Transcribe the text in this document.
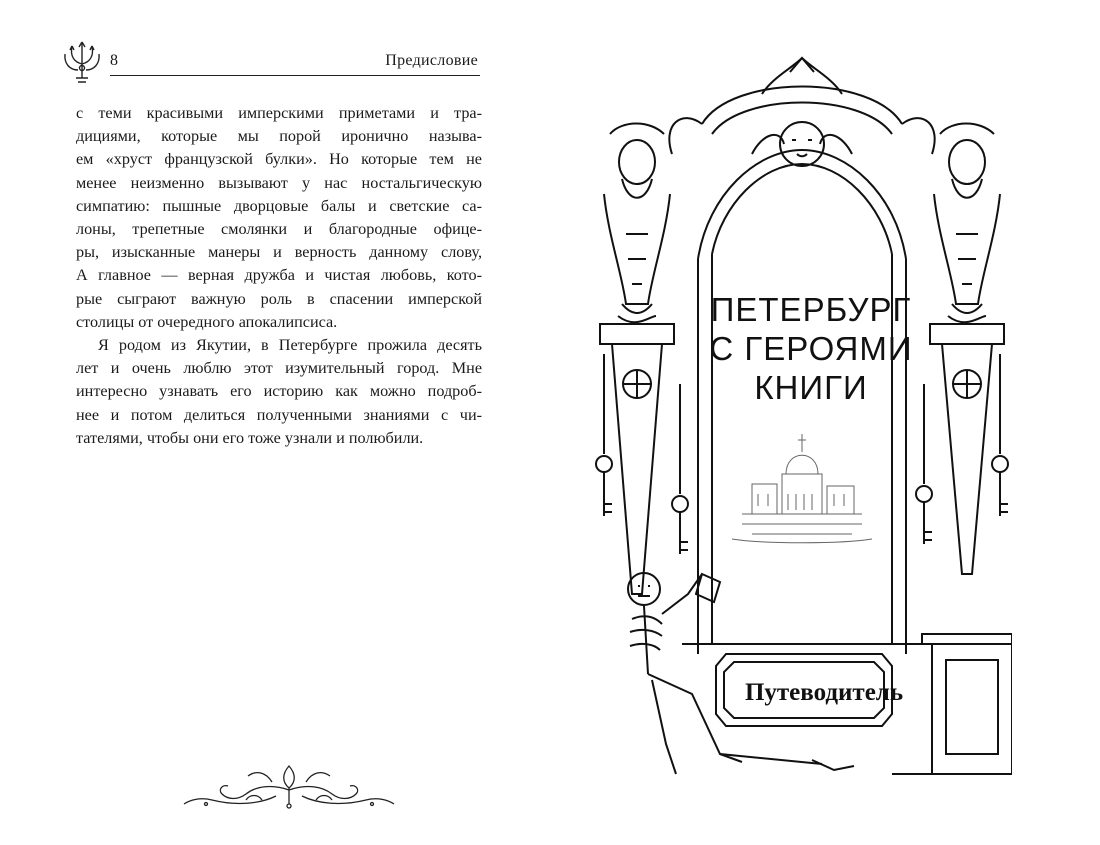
8	Предисловие

с теми красивыми имперскими приметами и тра-
дициями, которые мы порой иронично называ-
ем «хруст французской булки». Но которые тем не
менее неизменно вызывают у нас ностальгическую
симпатию: пышные дворцовые балы и светские са-
лоны, трепетные смолянки и благородные офице-
ры, изысканные манеры и верность данному слову,
А главное — верная дружба и чистая любовь, кото-
рые сыграют важную роль в спасении имперской
столицы от очередного апокалипсиса.

Я родом из Якутии, в Петербурге прожила десять
лет и очень люблю этот изумительный город. Мне
интересно узнавать его историю как можно подроб-
нее и потом делиться полученными знаниями с чи-
тателями, чтобы они его тоже узнали и полюбили.

ПЕТЕРБУРГ
С ГЕРОЯМИ
КНИГИ
Путеводитель
